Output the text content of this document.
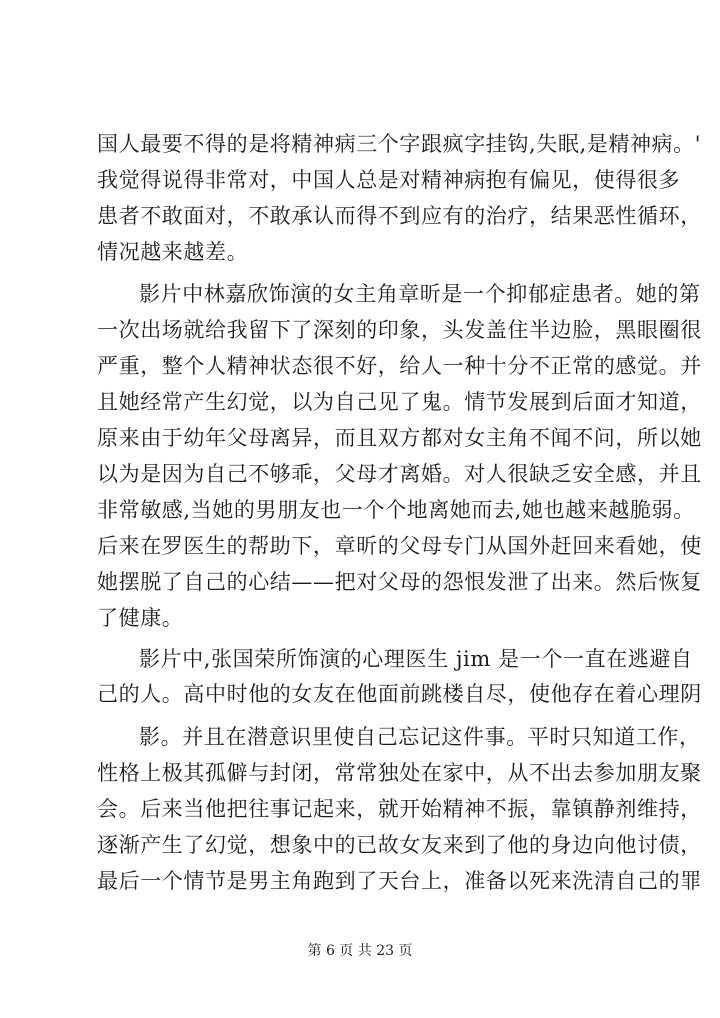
国人最要不得的是将精神病三个字跟疯字挂钩,失眠,是精神病。'
我觉得说得非常对，中国人总是对精神病抱有偏见，使得很多
患者不敢面对，不敢承认而得不到应有的治疗，结果恶性循环，
情况越来越差。
影片中林嘉欣饰演的女主角章昕是一个抑郁症患者。她的第
一次出场就给我留下了深刻的印象，头发盖住半边脸，黑眼圈很
严重，整个人精神状态很不好，给人一种十分不正常的感觉。并
且她经常产生幻觉，以为自己见了鬼。情节发展到后面才知道，
原来由于幼年父母离异，而且双方都对女主角不闻不问，所以她
以为是因为自己不够乖，父母才离婚。对人很缺乏安全感，并且
非常敏感,当她的男朋友也一个个地离她而去,她也越来越脆弱。
后来在罗医生的帮助下，章昕的父母专门从国外赶回来看她，使
她摆脱了自己的心结——把对父母的怨恨发泄了出来。然后恢复
了健康。
影片中,张国荣所饰演的心理医生 jim 是一个一直在逃避自
己的人。高中时他的女友在他面前跳楼自尽，使他存在着心理阴
影。并且在潜意识里使自己忘记这件事。平时只知道工作，
性格上极其孤僻与封闭，常常独处在家中，从不出去参加朋友聚
会。后来当他把往事记起来，就开始精神不振，靠镇静剂维持，
逐渐产生了幻觉，想象中的已故女友来到了他的身边向他讨债，
最后一个情节是男主角跑到了天台上，准备以死来洗清自己的罪
第 6 页 共 23 页
